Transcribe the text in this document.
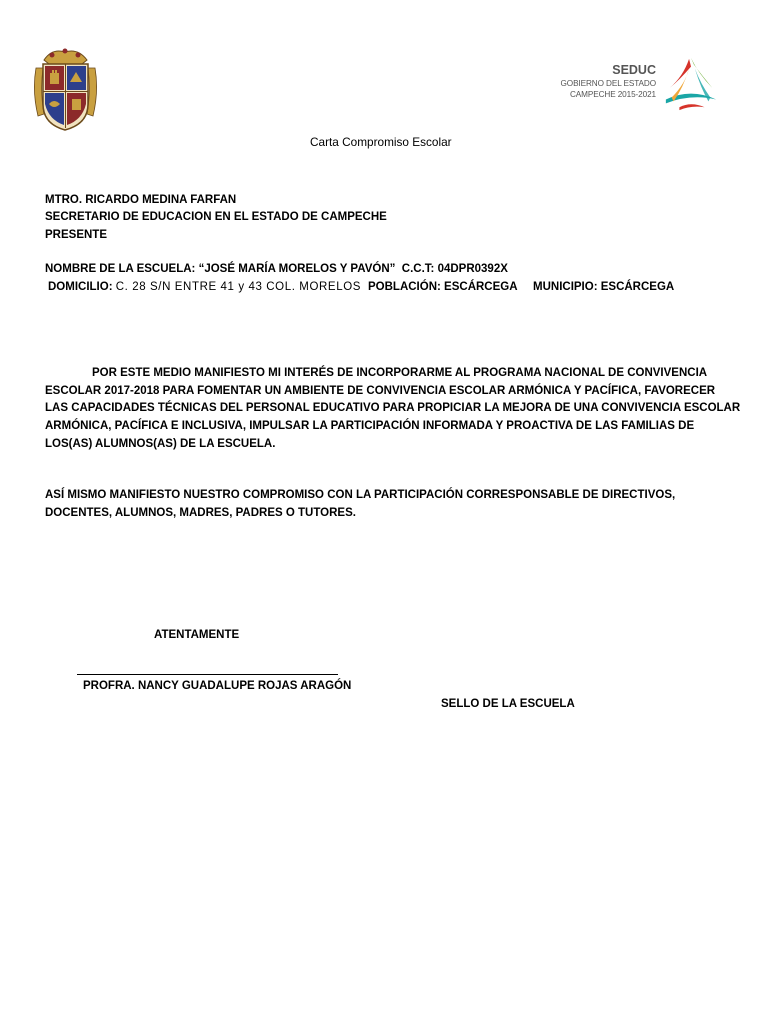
SEDUC
GOBIERNO DEL ESTADO
CAMPECHE 2015-2021
Carta Compromiso Escolar
MTRO. RICARDO MEDINA FARFAN
SECRETARIO DE EDUCACION EN EL ESTADO DE CAMPECHE
PRESENTE
NOMBRE DE LA ESCUELA: “JOSÉ MARÍA MORELOS Y PAVÓN” C.C.T: 04DPR0392X
DOMICILIO: C. 28 S/N ENTRE 41 y 43 COL. MORELOS POBLACIÓN: ESCÁRCEGA MUNICIPIO: ESCÁRCEGA
POR ESTE MEDIO MANIFIESTO MI INTERÉS DE INCORPORARME AL PROGRAMA NACIONAL DE CONVIVENCIA
ESCOLAR 2017-2018 PARA FOMENTAR UN AMBIENTE DE CONVIVENCIA ESCOLAR ARMÓNICA Y PACÍFICA, FAVORECER
LAS CAPACIDADES TÉCNICAS DEL PERSONAL EDUCATIVO PARA PROPICIAR LA MEJORA DE UNA CONVIVENCIA ESCOLAR
ARMÓNICA, PACÍFICA E INCLUSIVA, IMPULSAR LA PARTICIPACIÓN INFORMADA Y PROACTIVA DE LAS FAMILIAS DE
LOS(AS) ALUMNOS(AS) DE LA ESCUELA.
ASÍ MISMO MANIFIESTO NUESTRO COMPROMISO CON LA PARTICIPACIÓN CORRESPONSABLE DE DIRECTIVOS,
DOCENTES, ALUMNOS, MADRES, PADRES O TUTORES.
ATENTAMENTE
PROFRA. NANCY GUADALUPE ROJAS ARAGÓN
SELLO DE LA ESCUELA
